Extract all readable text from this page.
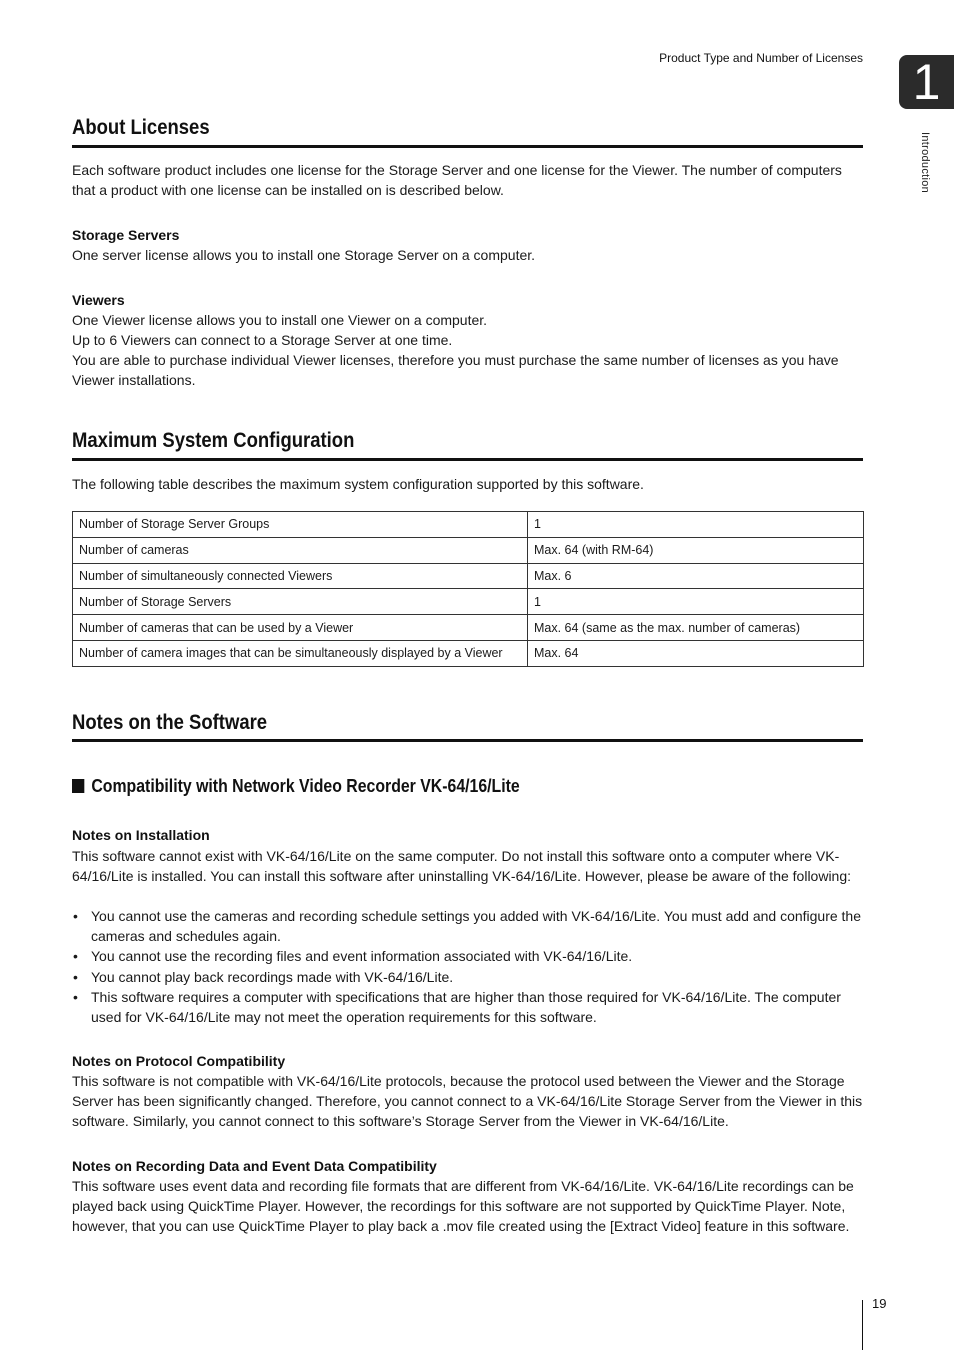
Product Type and Number of Licenses 1
Introduction
About Licenses

Each software product includes one license for the Storage Server and one license for the Viewer. The number of computers that a product with one license can be installed on is described below.

Storage Servers

One server license allows you to install one Storage Server on a computer.

Viewers

One Viewer license allows you to install one Viewer on a computer.

Up to 6 Viewers can connect to a Storage Server at one time.

You are able to purchase individual Viewer licenses, therefore you must purchase the same number of licenses as you have Viewer installations.

Maximum System Configuration

The following table describes the maximum system configuration supported by this software.

Number of Storage Server Groups	1
Number of cameras	Max. 64 (with RM-64)
Number of simultaneously connected Viewers	Max. 6
Number of Storage Servers	1
Number of cameras that can be used by a Viewer	Max. 64 (same as the max. number of cameras)
Number of camera images that can be simultaneously displayed by a Viewer	Max. 64
Notes on the Software
Compatibility with Network Video Recorder VK-64/16/Lite
Notes on Installation

This software cannot exist with VK-64/16/Lite on the same computer. Do not install this software onto a computer where VK-64/16/Lite is installed. You can install this software after uninstalling VK-64/16/Lite. However, please be aware of the following:

• You cannot use the cameras and recording schedule settings you added with VK-64/16/Lite. You must add and configure the cameras and schedules again.
• You cannot use the recording files and event information associated with VK-64/16/Lite.
• You cannot play back recordings made with VK-64/16/Lite.
• This software requires a computer with specifications that are higher than those required for VK-64/16/Lite. The computer used for VK-64/16/Lite may not meet the operation requirements for this software.
Notes on Protocol Compatibility

This software is not compatible with VK-64/16/Lite protocols, because the protocol used between the Viewer and the Storage Server has been significantly changed. Therefore, you cannot connect to a VK-64/16/Lite Storage Server from the Viewer in this software. Similarly, you cannot connect to this software’s Storage Server from the Viewer in VK-64/16/Lite.

Notes on Recording Data and Event Data Compatibility

This software uses event data and recording file formats that are different from VK-64/16/Lite. VK-64/16/Lite recordings can be played back using QuickTime Player. However, the recordings for this software are not supported by QuickTime Player. Note, however, that you can use QuickTime Player to play back a .mov file created using the [Extract Video] feature in this software.

19
